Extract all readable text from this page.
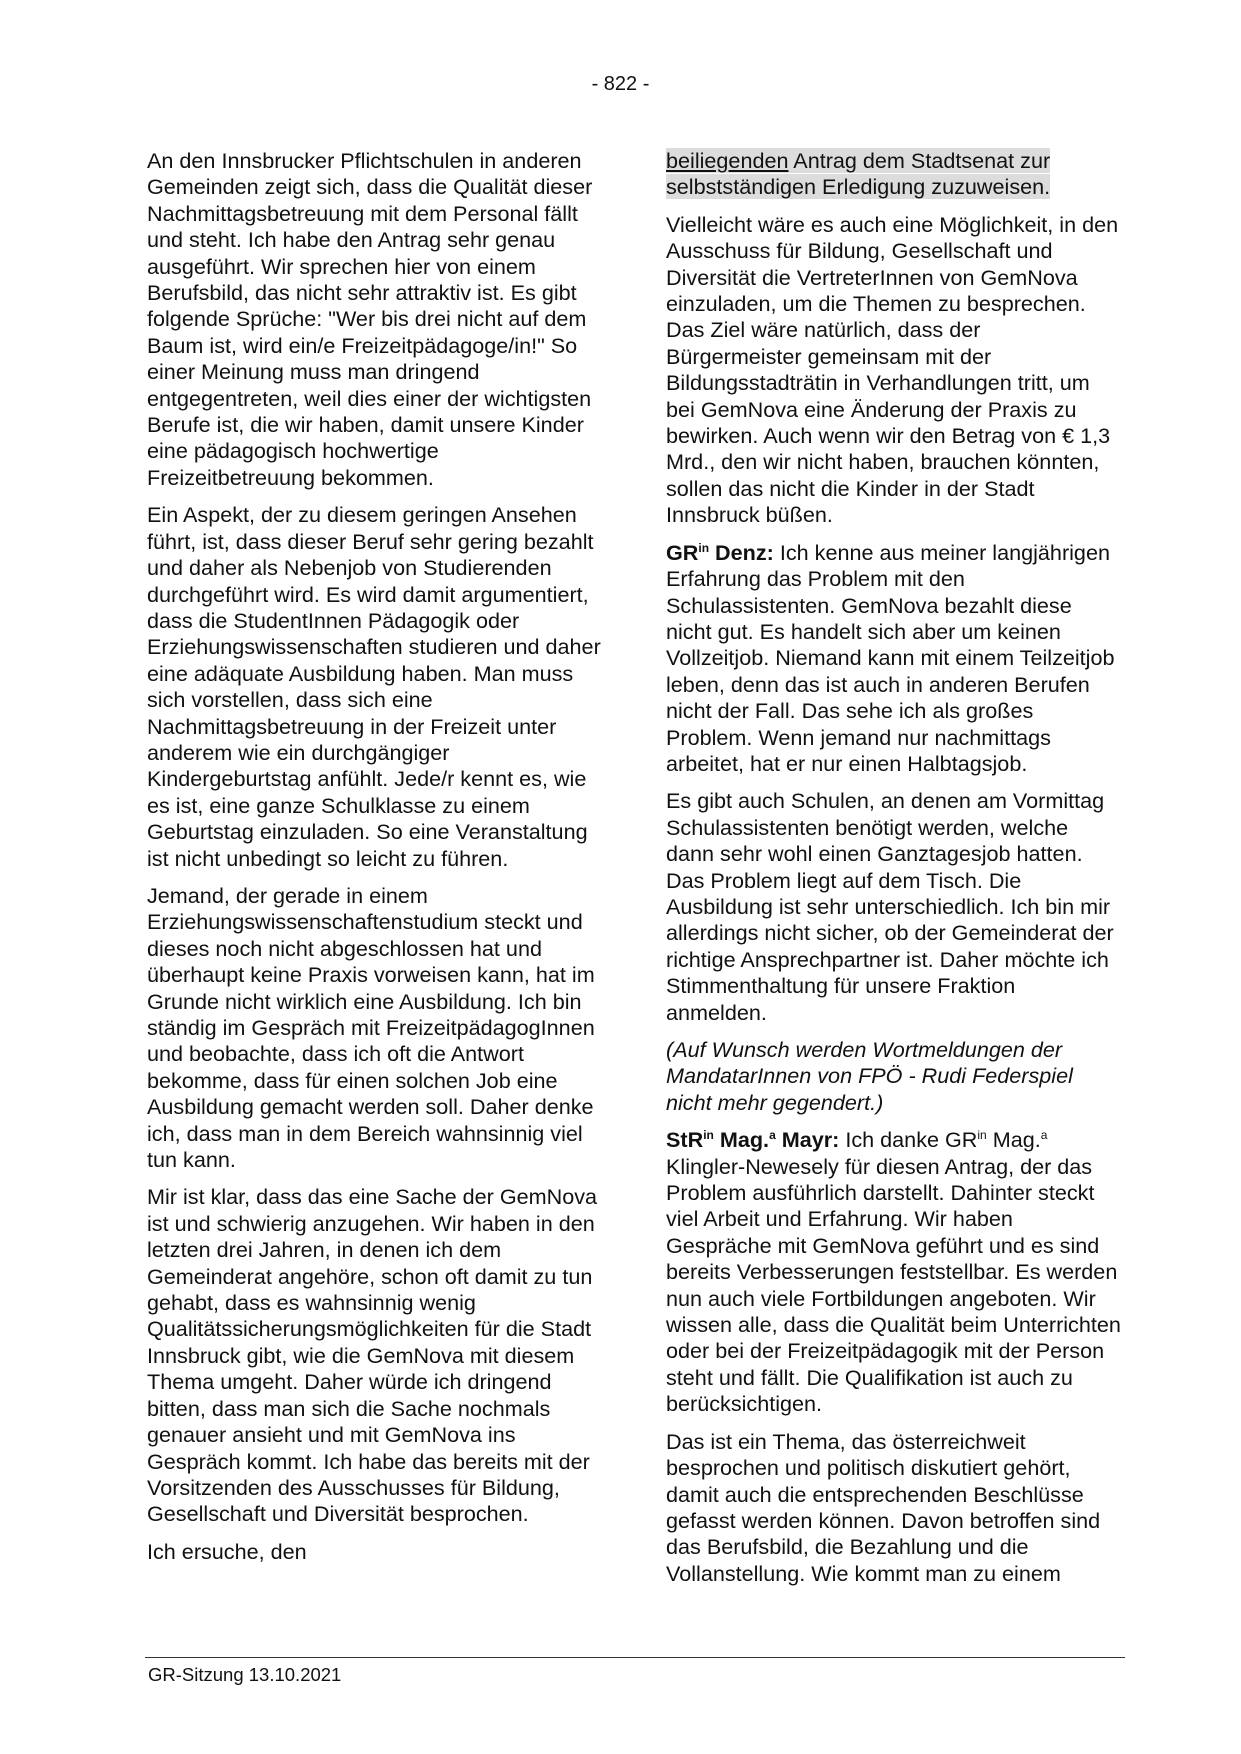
- 822 -

An den Innsbrucker Pflichtschulen in anderen Gemeinden zeigt sich, dass die Qualität dieser Nachmittagsbetreuung mit dem Personal fällt und steht. Ich habe den Antrag sehr genau ausgeführt. Wir sprechen hier von einem Berufsbild, das nicht sehr attraktiv ist. Es gibt folgende Sprüche: "Wer bis drei nicht auf dem Baum ist, wird ein/e Freizeitpädagoge/in!" So einer Meinung muss man dringend entgegentreten, weil dies einer der wichtigsten Berufe ist, die wir haben, damit unsere Kinder eine pädagogisch hochwertige Freizeitbetreuung bekommen.

Ein Aspekt, der zu diesem geringen Ansehen führt, ist, dass dieser Beruf sehr gering bezahlt und daher als Nebenjob von Studierenden durchgeführt wird. Es wird damit argumentiert, dass die StudentInnen Pädagogik oder Erziehungswissenschaften studieren und daher eine adäquate Ausbildung haben. Man muss sich vorstellen, dass sich eine Nachmittagsbetreuung in der Freizeit unter anderem wie ein durchgängiger Kindergeburtstag anfühlt. Jede/r kennt es, wie es ist, eine ganze Schulklasse zu einem Geburtstag einzuladen. So eine Veranstaltung ist nicht unbedingt so leicht zu führen.

Jemand, der gerade in einem Erziehungswissenschaftenstudium steckt und dieses noch nicht abgeschlossen hat und überhaupt keine Praxis vorweisen kann, hat im Grunde nicht wirklich eine Ausbildung. Ich bin ständig im Gespräch mit FreizeitpädagogInnen und beobachte, dass ich oft die Antwort bekomme, dass für einen solchen Job eine Ausbildung gemacht werden soll. Daher denke ich, dass man in dem Bereich wahnsinnig viel tun kann.

Mir ist klar, dass das eine Sache der GemNova ist und schwierig anzugehen. Wir haben in den letzten drei Jahren, in denen ich dem Gemeinderat angehöre, schon oft damit zu tun gehabt, dass es wahnsinnig wenig Qualitätssicherungsmöglichkeiten für die Stadt Innsbruck gibt, wie die GemNova mit diesem Thema umgeht. Daher würde ich dringend bitten, dass man sich die Sache nochmals genauer ansieht und mit GemNova ins Gespräch kommt. Ich habe das bereits mit der Vorsitzenden des Ausschusses für Bildung, Gesellschaft und Diversität besprochen.

Ich ersuche, den

beiliegenden Antrag dem Stadtsenat zur selbstständigen Erledigung zuzuweisen.

Vielleicht wäre es auch eine Möglichkeit, in den Ausschuss für Bildung, Gesellschaft und Diversität die VertreterInnen von GemNova einzuladen, um die Themen zu besprechen. Das Ziel wäre natürlich, dass der Bürgermeister gemeinsam mit der Bildungsstadträtin in Verhandlungen tritt, um bei GemNova eine Änderung der Praxis zu bewirken. Auch wenn wir den Betrag von € 1,3 Mrd., den wir nicht haben, brauchen könnten, sollen das nicht die Kinder in der Stadt Innsbruck büßen.

$GR^{in}$ Denz: Ich kenne aus meiner langjährigen Erfahrung das Problem mit den Schulassistenten. GemNova bezahlt diese nicht gut. Es handelt sich aber um keinen Vollzeitjob. Niemand kann mit einem Teilzeitjob leben, denn das ist auch in anderen Berufen nicht der Fall. Das sehe ich als großes Problem. Wenn jemand nur nachmittags arbeitet, hat er nur einen Halbtagsjob.

Es gibt auch Schulen, an denen am Vormittag Schulassistenten benötigt werden, welche dann sehr wohl einen Ganztagesjob hatten. Das Problem liegt auf dem Tisch. Die Ausbildung ist sehr unterschiedlich. Ich bin mir allerdings nicht sicher, ob der Gemeinderat der richtige Ansprechpartner ist. Daher möchte ich Stimmenthaltung für unsere Fraktion anmelden.

(Auf Wunsch werden Wortmeldungen der MandatarInnen von FPÖ - Rudi Federspiel nicht mehr gegendert.)

StR$^{in}$ Mag.$^a$ Mayr: Ich danke $GR^{in}$ Mag.$^a$ Klingler-Newesely für diesen Antrag, der das Problem ausführlich darstellt. Dahinter steckt viel Arbeit und Erfahrung. Wir haben Gespräche mit GemNova geführt und es sind bereits Verbesserungen feststellbar. Es werden nun auch viele Fortbildungen angeboten. Wir wissen alle, dass die Qualität beim Unterrichten oder bei der Freizeitpädagogik mit der Person steht und fällt. Die Qualifikation ist auch zu berücksichtigen.

Das ist ein Thema, das österreichweit besprochen und politisch diskutiert gehört, damit auch die entsprechenden Beschlüsse gefasst werden können. Davon betroffen sind das Berufsbild, die Bezahlung und die Vollanstellung. Wie kommt man zu einem

GR-Sitzung 13.10.2021
